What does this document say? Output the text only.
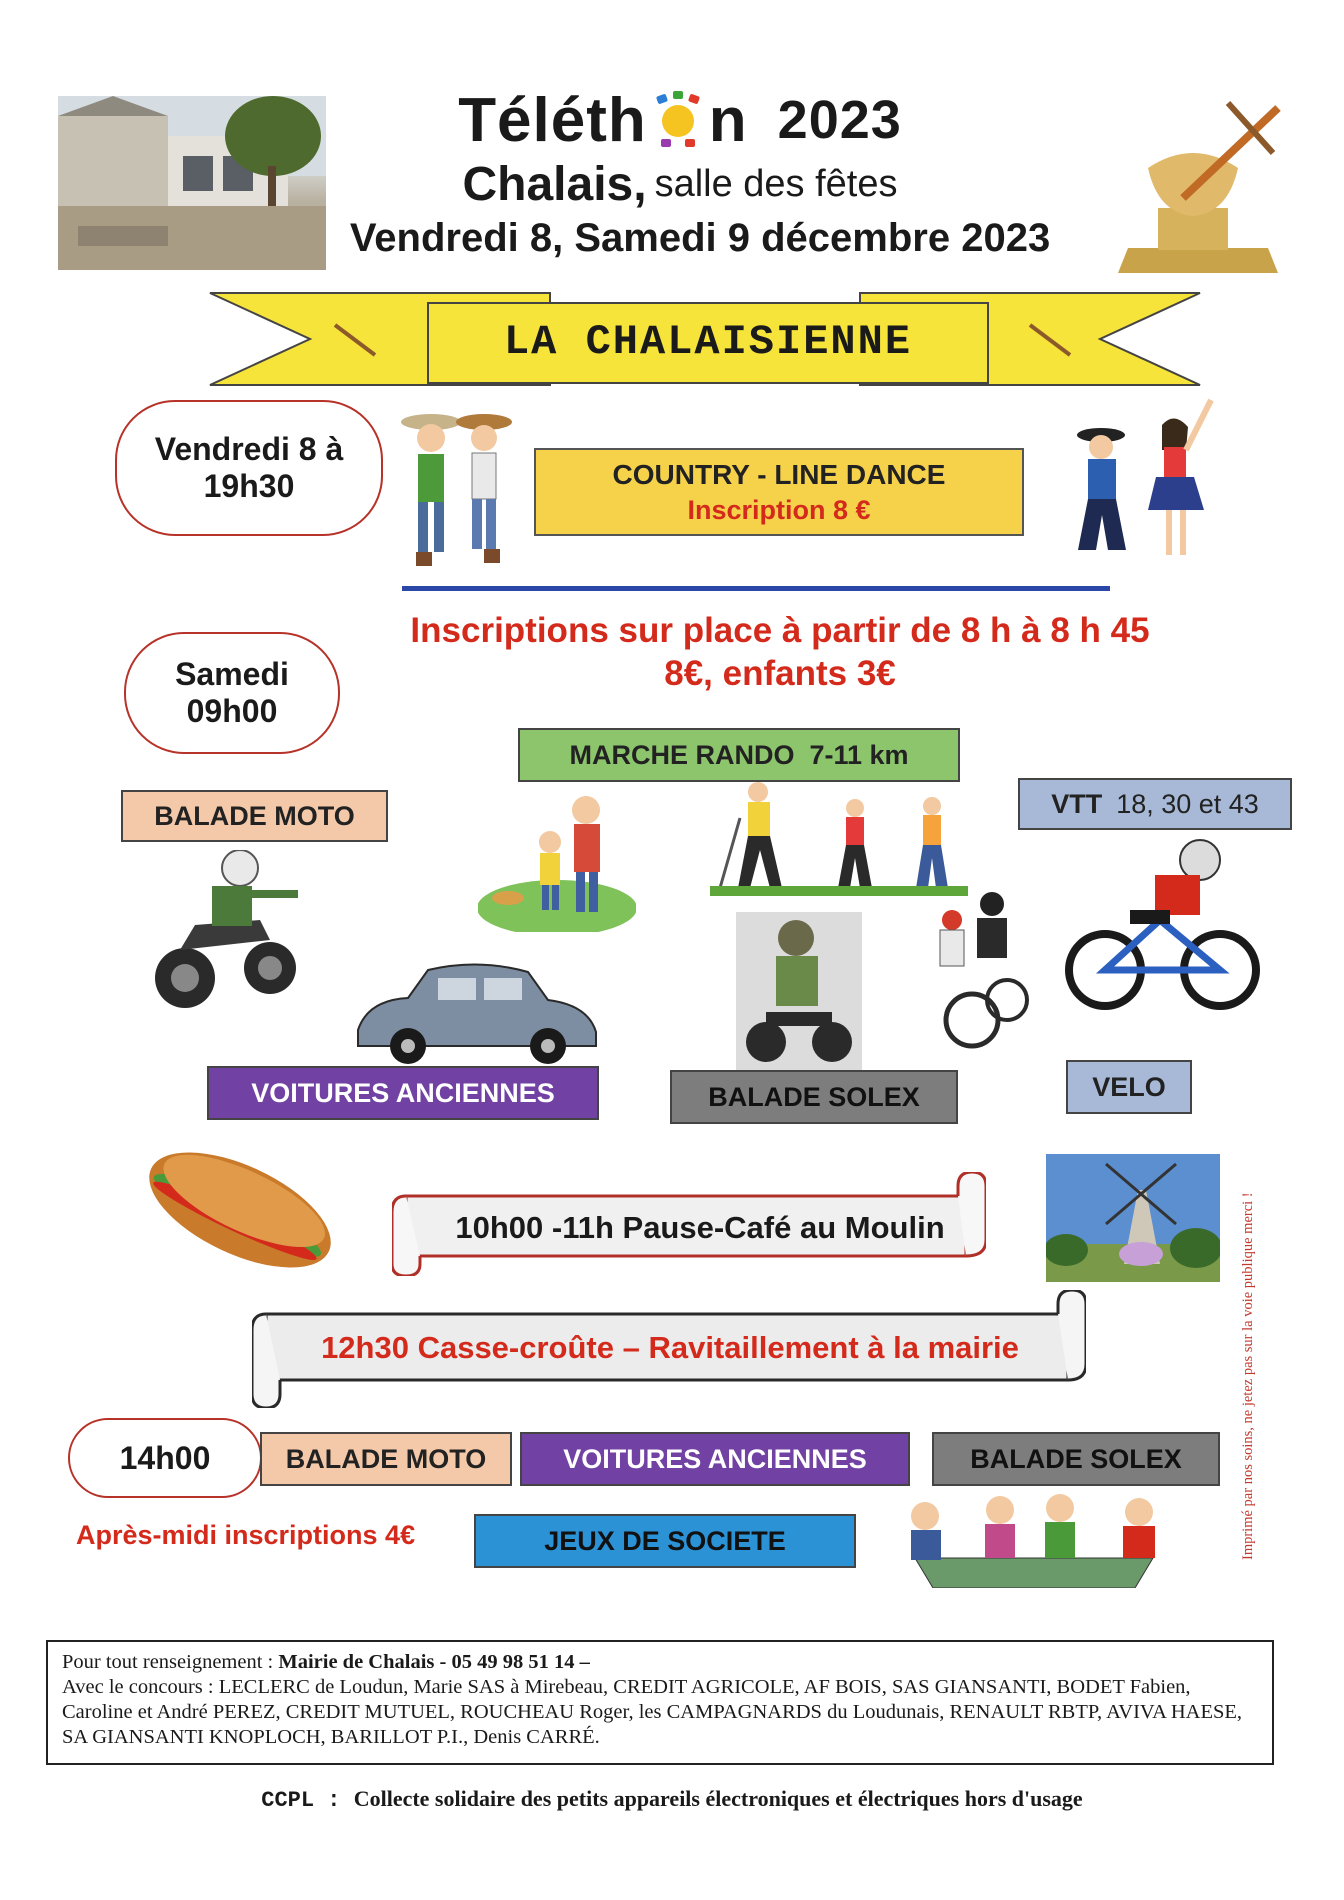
Téléth n 2023
Chalais, salle des fêtes
Vendredi 8, Samedi 9 décembre 2023
LA CHALAISIENNE
Vendredi 8 à
19h30	COUNTRY - LINE DANCE
Inscription 8 €
Inscriptions sur place à partir de 8 h à 8 h 45
8€, enfants 3€
Samedi
09h00
MARCHE RANDO  7-11 km
BALADE MOTO	VTT 18, 30 et 43
VOITURES ANCIENNES	BALADE SOLEX	VELO
10h00 -11h Pause-Café au Moulin
12h30 Casse-croûte – Ravitaillement à la mairie
14h00	BALADE MOTO	VOITURES ANCIENNES	BALADE SOLEX
Après-midi inscriptions 4€	JEUX DE SOCIETE
Pour tout renseignement : Mairie de Chalais - 05 49 98 51 14 –
Avec le concours : LECLERC de Loudun, Marie SAS à Mirebeau, CREDIT AGRICOLE, AF BOIS, SAS GIANSANTI, BODET Fabien, Caroline et André PEREZ, CREDIT MUTUEL, ROUCHEAU Roger, les CAMPAGNARDS du Loudunais, RENAULT RBTP, AVIVA HAESE, SA GIANSANTI KNOPLOCH, BARILLOT P.I., Denis CARRÉ.
CCPL : Collecte solidaire des petits appareils électroniques et électriques hors d'usage
Imprimé par nos soins, ne jetez pas sur la voie publique merci !
